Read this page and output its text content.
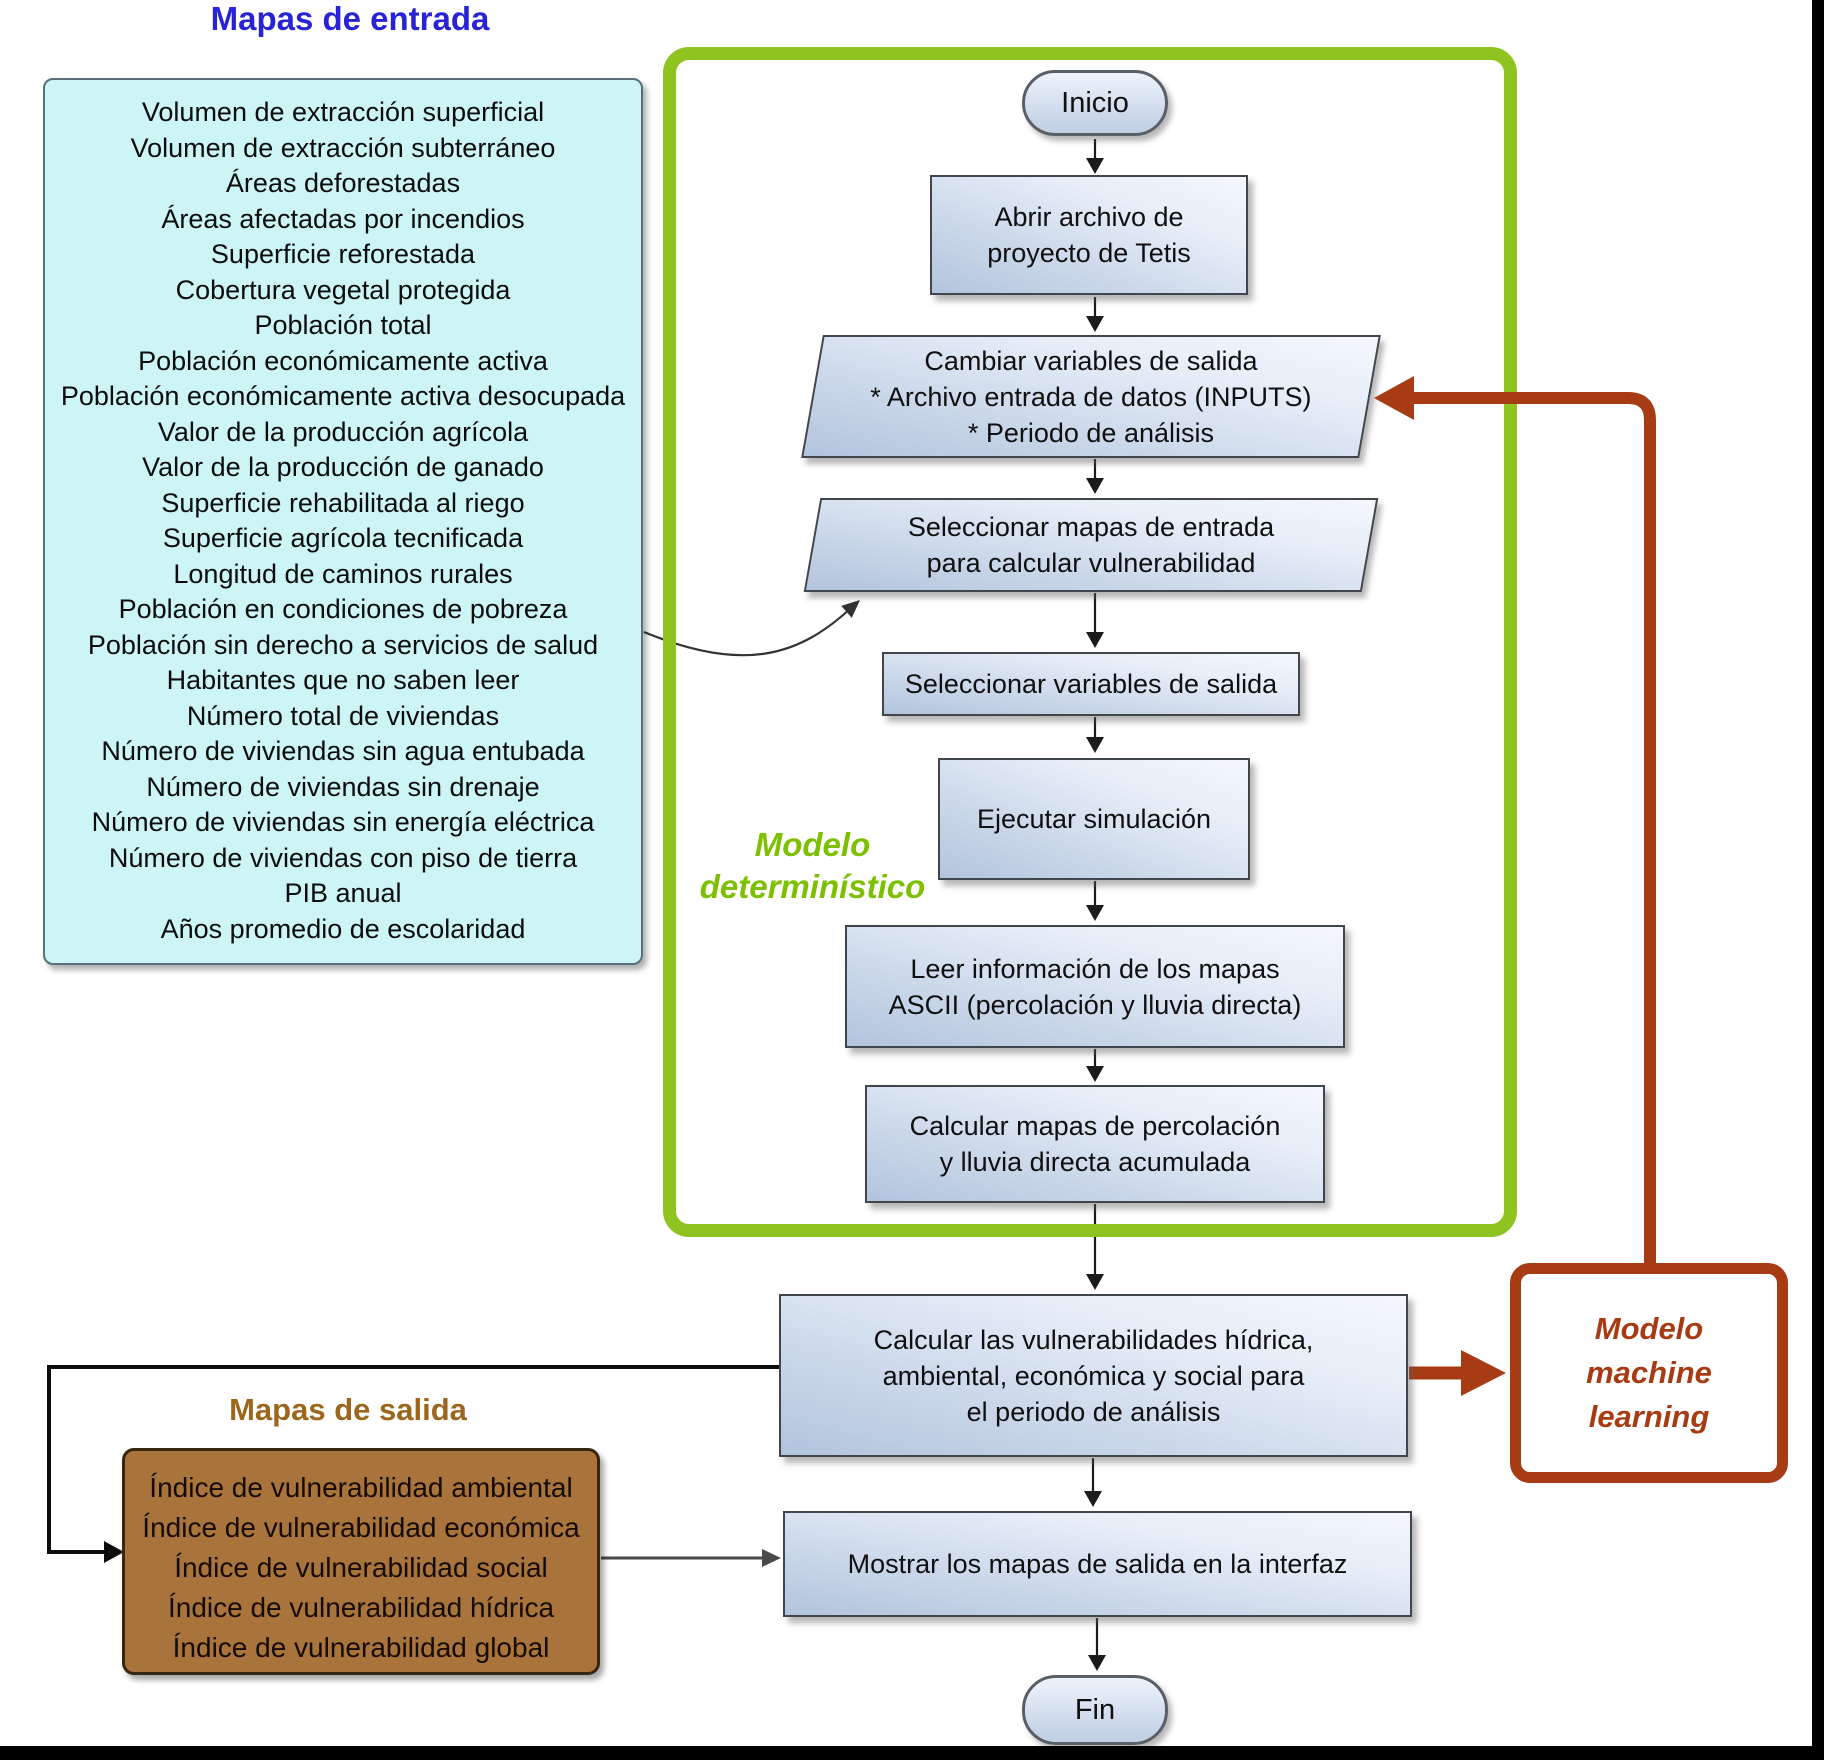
Mapas de entrada
Mapas de salida
Volumen de extracción superficial
Volumen de extracción subterráneo
Áreas deforestadas
Áreas afectadas por incendios
Superficie reforestada
Cobertura vegetal protegida
Población total
Población económicamente activa
Población económicamente activa desocupada
Valor de la producción agrícola
Valor de la producción de ganado
Superficie rehabilitada al riego
Superficie agrícola tecnificada
Longitud de caminos rurales
Población en condiciones de pobreza
Población sin derecho a servicios de salud
Habitantes que no saben leer
Número total de viviendas
Número de viviendas sin agua entubada
Número de viviendas sin drenaje
Número de viviendas sin energía eléctrica
Número de viviendas con piso de tierra
PIB anual
Años promedio de escolaridad
Índice de vulnerabilidad ambiental
Índice de vulnerabilidad económica
Índice de vulnerabilidad social
Índice de vulnerabilidad hídrica
Índice de vulnerabilidad global
Modelo
determinístico
Modelo
machine
learning
Inicio
Abrir archivo de
proyecto de Tetis
Cambiar variables de salida
* Archivo entrada de datos (INPUTS)
* Periodo de análisis
Seleccionar mapas de entrada
para calcular vulnerabilidad
Seleccionar variables de salida
Ejecutar simulación
Leer información de los mapas
ASCII (percolación y lluvia directa)
Calcular mapas de percolación
y lluvia directa acumulada
Calcular las vulnerabilidades hídrica,
ambiental, económica y social para
el periodo de análisis
Mostrar los mapas de salida en la interfaz
Fin
